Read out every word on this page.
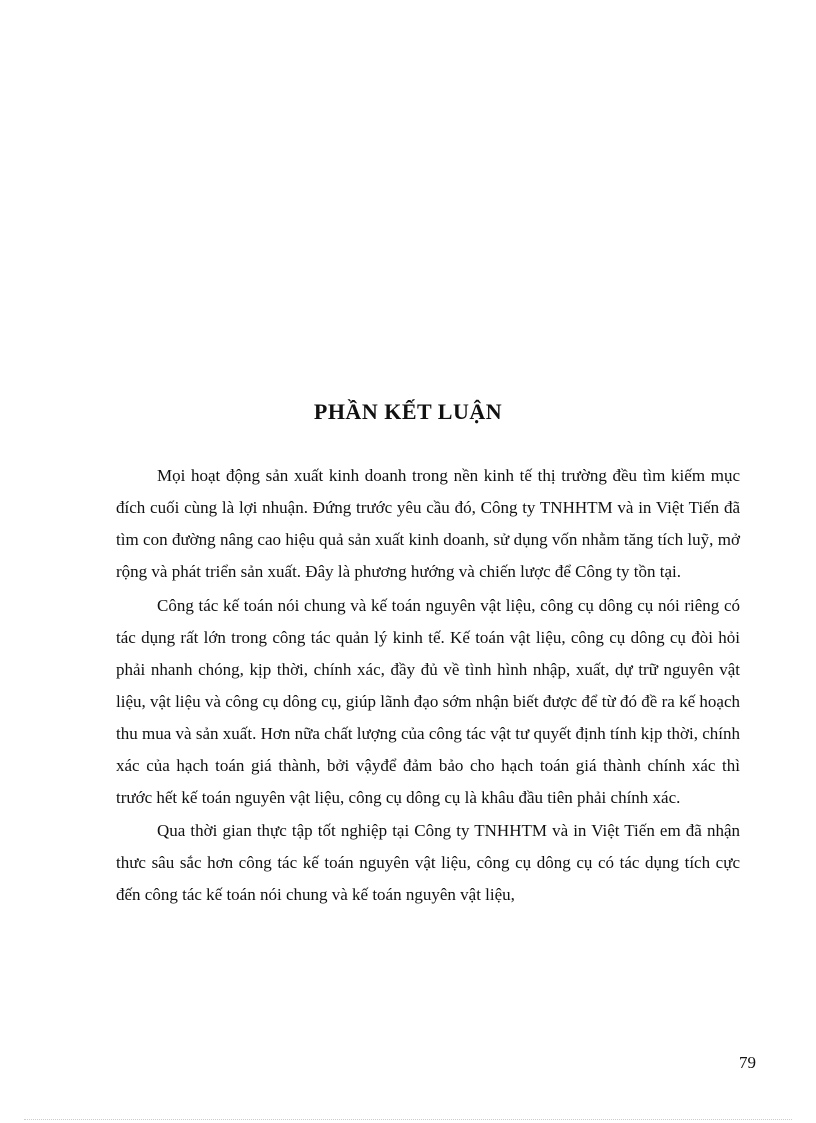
PHẦN KẾT LUẬN

Mọi hoạt động sản xuất kinh doanh trong nền kinh tế thị trường đều tìm kiếm mục đích cuối cùng là lợi nhuận. Đứng trước yêu cầu đó, Công ty TNHHTM và in Việt Tiến đã tìm con đường nâng cao hiệu quả sản xuất kinh doanh, sử dụng vốn nhằm tăng tích luỹ, mở rộng và phát triển sản xuất. Đây là phương hướng và chiến lược để Công ty tồn tại.

Công tác kế toán nói chung và kế toán nguyên vật liệu, công cụ dông cụ nói riêng có tác dụng rất lớn trong công tác quản lý kinh tế. Kế toán vật liệu, công cụ dông cụ đòi hỏi phải nhanh chóng, kịp thời, chính xác, đầy đủ về tình hình nhập, xuất, dự trữ nguyên vật liệu, vật liệu và công cụ dông cụ, giúp lãnh đạo sớm nhận biết được để từ đó đề ra kế hoạch thu mua và sản xuất. Hơn nữa chất lượng của công tác vật tư quyết định tính kịp thời, chính xác của hạch toán giá thành, bởi vậyđể đảm bảo cho hạch toán giá thành chính xác thì trước hết kế toán nguyên vật liệu, công cụ dông cụ là khâu đầu tiên phải chính xác.

Qua thời gian thực tập tốt nghiệp tại Công ty TNHHTM và in Việt Tiến em đã nhận thưc sâu sắc hơn công tác kế toán nguyên vật liệu, công cụ dông cụ có tác dụng tích cực đến công tác kế toán nói chung và kế toán nguyên vật liệu,

79
